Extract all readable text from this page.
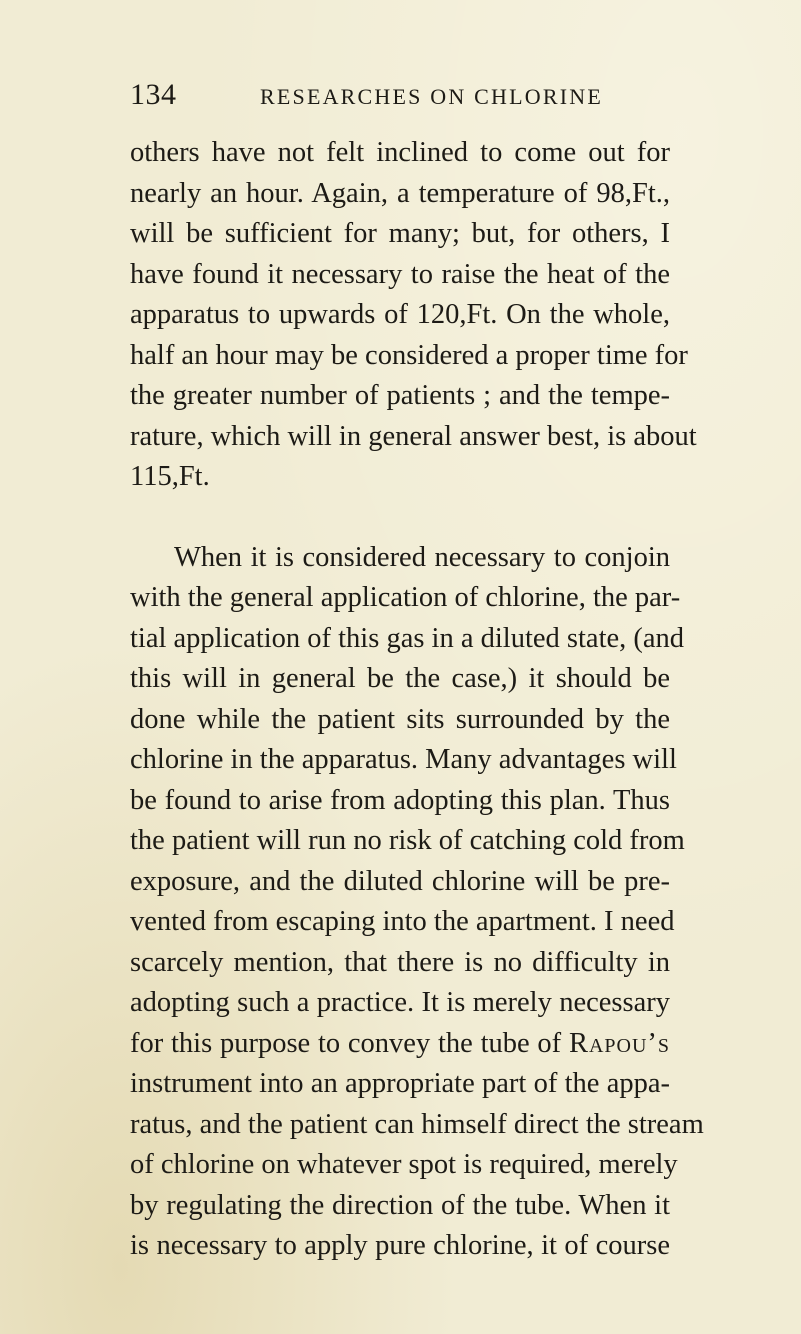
134	RESEARCHES ON CHLORINE

others have not felt inclined to come out for
nearly an hour. Again, a temperature of 98,Ft.,
will be sufficient for many; but, for others, I
have found it necessary to raise the heat of the
apparatus to upwards of 120,Ft. On the whole,
half an hour may be considered a proper time for
the greater number of patients ; and the tempe-
rature, which will in general answer best, is about
115,Ft.

When it is considered necessary to conjoin
with the general application of chlorine, the par-
tial application of this gas in a diluted state, (and
this will in general be the case,) it should be
done while the patient sits surrounded by the
chlorine in the apparatus. Many advantages will
be found to arise from adopting this plan. Thus
the patient will run no risk of catching cold from
exposure, and the diluted chlorine will be pre-
vented from escaping into the apartment. I need
scarcely mention, that there is no difficulty in
adopting such a practice. It is merely necessary
for this purpose to convey the tube of Rapou’s
instrument into an appropriate part of the appa-
ratus, and the patient can himself direct the stream
of chlorine on whatever spot is required, merely
by regulating the direction of the tube. When it
is necessary to apply pure chlorine, it of course
